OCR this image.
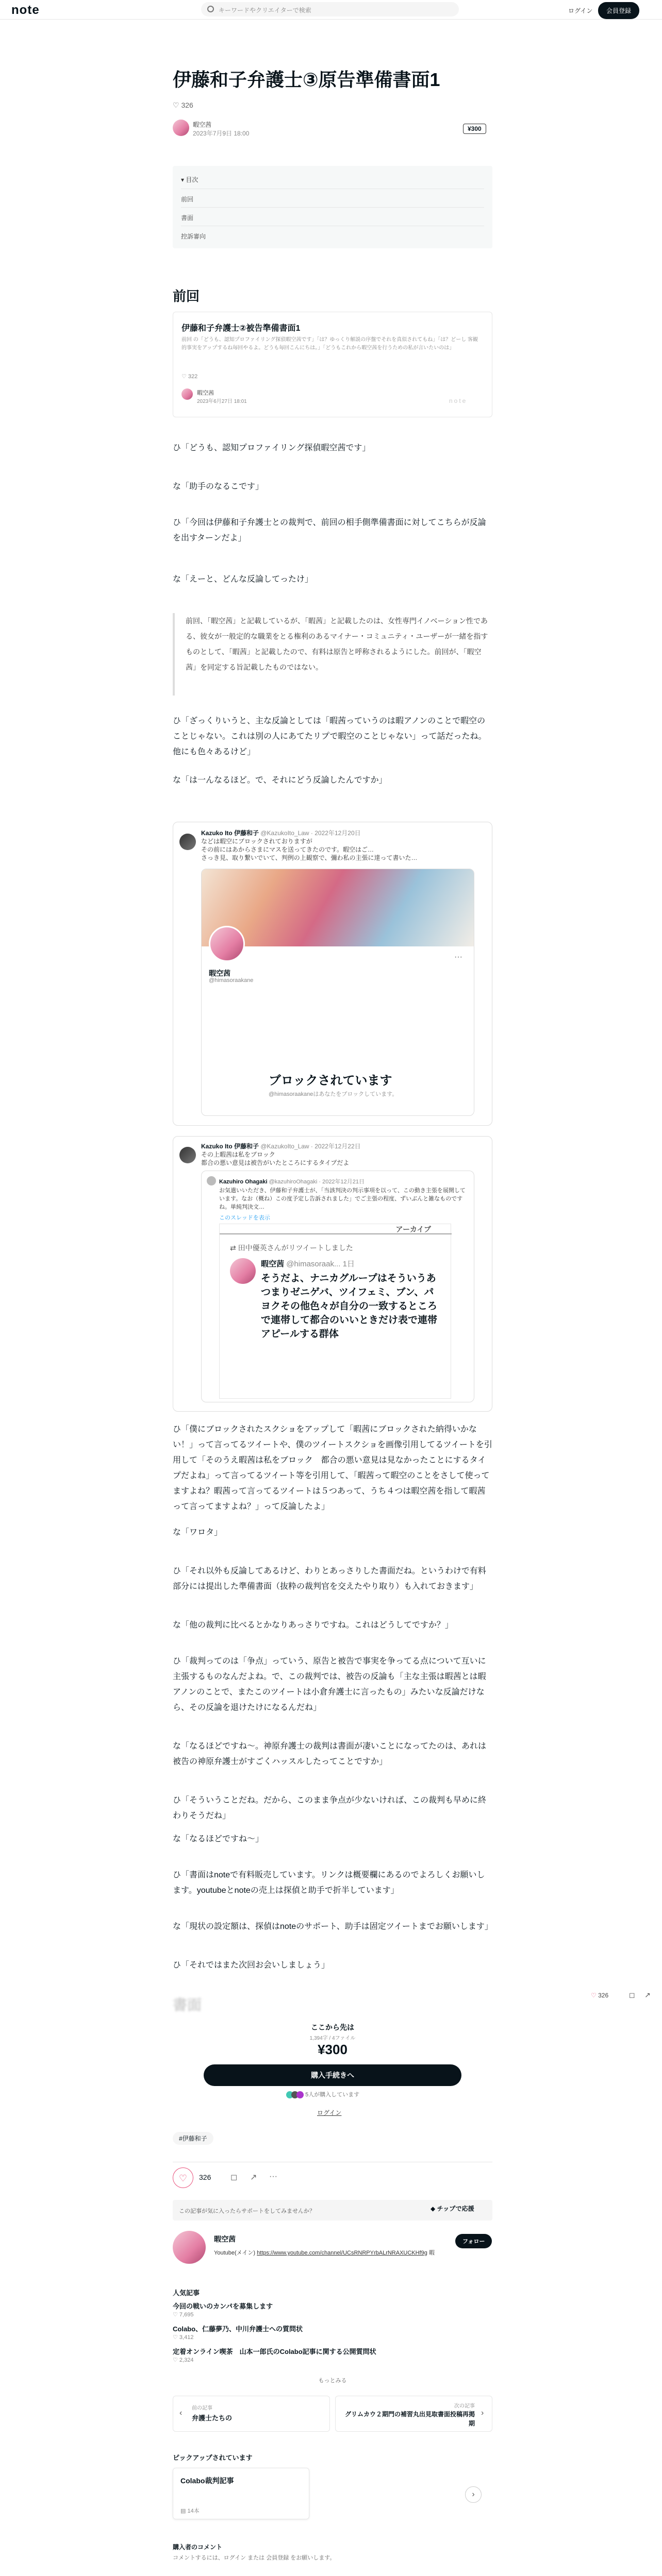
note	キーワードやクリエイターで検索	ログイン	会員登録
伊藤和子弁護士③原告準備書面1
♡ 326
暇空茜
2023年7月9日 18:00
¥300
▾ 目次
前回
書面
控訴審向
前回
伊藤和子弁護士②被告準備書面1
前回 の「どうも、認知プロファイリング探偵暇空茜です」「は？ゆっくり解説の序盤でそれを真似されてもね」「は？どーし 客観的事実をアップするね毎回やるよ。どうも毎回こんにちは。」「どうもこれから暇空茜を行うための私が言いたいのは」
♡ 322
暇空茜
2023年6月27日 18:01	note
ひ「どうも、認知プロファイリング探偵暇空茜です」
な「助手のなるこです」
ひ「今回は伊藤和子弁護士との裁判で、前回の相手側準備書面に対してこちらが反論を出すターンだよ」
な「えーと、どんな反論してったけ」
前回、「暇空茜」と記載しているが、「暇茜」と記載したのは、女性専門イノベーション性である、彼女が一般定的な職業をとる権利のあるマイナー・コミュニティ・ユーザーが一緒を指すものとして、「暇茜」と記載したので、有料は原告と呼称されるようにした。前回が、「暇空茜」を同定する旨記載したものではない。
ひ「ざっくりいうと、主な反論としては「暇茜っていうのは暇アノンのことで暇空のことじゃない。これは別の人にあてたリプで暇空のことじゃない」って話だったね。他にも色々あるけど」
な「は一んなるほど。で、それにどう反論したんですか」
Kazuko Ito 伊藤和子 @KazukoIto_Law · 2022年12月20日
などは暇空にブロックされておりますが
その前にはあからさまにマスを送ってきたのです。暇空はご…
さっき見、取り繋いでいて、判例の上観察で、彌わ私の主張に達って書いた…
···
暇空茜
@himasoraakane
ブロックされています
@himasoraakaneはあなたをブロックしています。
Kazuko Ito 伊藤和子 @KazukoIto_Law · 2022年12月22日
その上暇茜は私をブロック
都合の悪い意見は被告がいたところにするタイプだよ
Kazuhiro Ohagaki @kazuhiroOhagaki · 2022年12月21日
お気遣いいただき、伊藤和子弁護士が、「当該判決の判示事項を以って、この動き主張を展開しています。なお（概ね）この度予定し告訴されました」でご主張の程度、ずいぶんと雑なものですね。単純判決文…
このスレッドを表示
アーカイブ
⇄ 田中優英さんがリツイートしました
暇空茜 @himasoraak... 1日
そうだよ、ナニカグループはそういうあつまりゼニゲバ、ツイフェミ、ブン、パヨクその他色々が自分の一致するところで連帯して都合のいいときだけ表で連帯アピールする群体
ひ「僕にブロックされたスクショをアップして「暇茜にブロックされた納得いかない！」って言ってるツイートや、僕のツイートスクショを画像引用してるツイートを引用して「そのうえ暇茜は私をブロック　都合の悪い意見は見なかったことにするタイプだよね」って言ってるツイート等を引用して、「暇茜って暇空のことをさして使ってますよね？暇茜って言ってるツイートは５つあって、うち４つは暇空茜を指して暇茜って言ってますよね？」って反論したよ」
な「ワロタ」
ひ「それ以外も反論してあるけど、わりとあっさりした書面だね。というわけで有料部分には提出した準備書面（抜粋の裁判官を交えたやり取り）も入れておきます」
な「他の裁判に比べるとかなりあっさりですね。これはどうしてですか？」
ひ「裁判ってのは「争点」っていう、原告と被告で事実を争ってる点について互いに主張するものなんだよね。で、この裁判では、被告の反論も「主な主張は暇茜とは暇アノンのことで、またこのツイートは小倉弁護士に言ったもの」みたいな反論だけなら、その反論を退けたけになるんだね」
な「なるほどですね～。神原弁護士の裁判は書面が凄いことになってたのは、あれは被告の神原弁護士がすごくハッスルしたってことですか」
ひ「そういうことだね。だから、このまま争点が少ないければ、この裁判も早めに終わりそうだね」
な「なるほどですね～」
ひ「書面はnoteで有料販売しています。リンクは概要欄にあるのでよろしくお願いします。youtubeとnoteの売上は探偵と助手で折半しています」
な「現状の設定額は、探偵はnoteのサポート、助手は固定ツイートまでお願いします」
ひ「それではまた次回お会いしましょう」
♡ 326	◻ ↗
書面
ここから先は
1,394字 / 4ファイル
¥300
購入手続きへ
5人が購入しています
ログイン
#伊藤和子
♡	326 ◻ ↗ ···
この記事が気に入ったらサポートをしてみませんか？	◆ チップで応援
暇空茜	フォロー
Youtube(メイン) https://www.youtube.com/channel/UCsRNRPYrbALrNRAXUCKHf9g 暇
人気記事
今回の戦いのカンパを募集します
♡ 7,695
Colabo、仁藤夢乃、中川弁護士への質問状
♡ 3,412
定着オンライン喫茶　山本一郎氏のColabo記事に関する公開質問状
♡ 2,324
もっとみる
‹
前の記事
弁護士たちの
次の記事
グリムカウ２期門の補習丸出見取書面投稿再掲期
›
ピックアップされています
Colabo裁判記事
▤ 14本
›
購入者のコメント
コメントするには、ログイン または 会員登録 をお願いします。
